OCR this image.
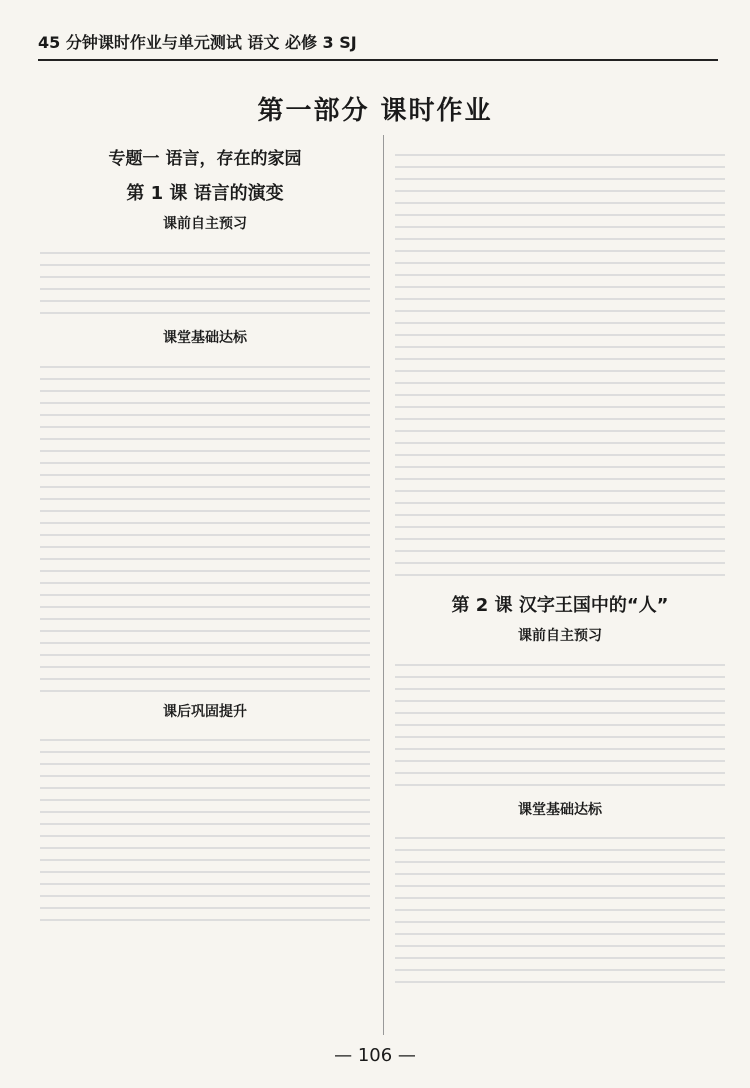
45 分钟课时作业与单元测试 语文 必修 3 SJ
第一部分 课时作业
专题一 语言，存在的家园
第 1 课 语言的演变
课前自主预习
课堂基础达标
课后巩固提升
第 2 课 汉字王国中的“人”
课前自主预习
课堂基础达标
— 106 —
